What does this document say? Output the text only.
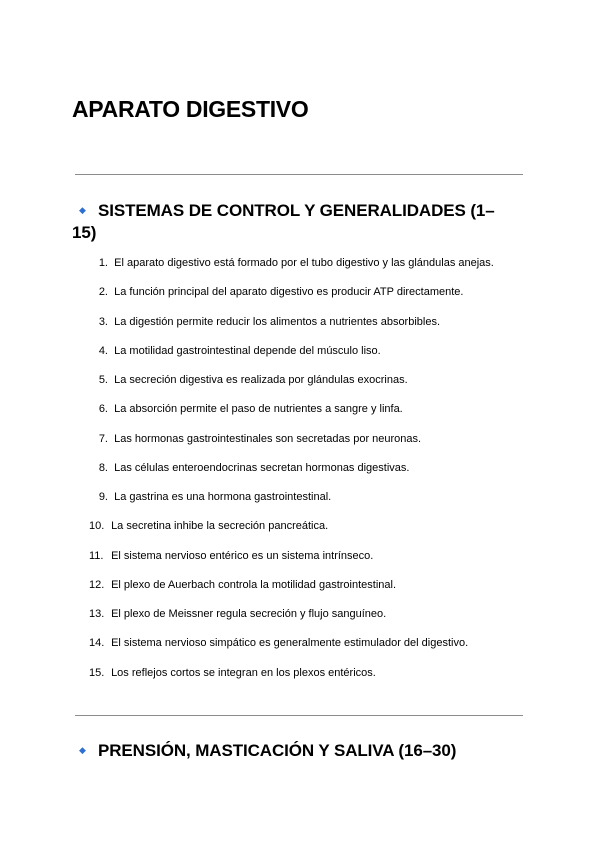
APARATO DIGESTIVO
◆ SISTEMAS DE CONTROL Y GENERALIDADES (1–15)
1.
El aparato digestivo está formado por el tubo digestivo y las glándulas anejas.
2.
La función principal del aparato digestivo es producir ATP directamente.
3.
La digestión permite reducir los alimentos a nutrientes absorbibles.
4.
La motilidad gastrointestinal depende del músculo liso.
5.
La secreción digestiva es realizada por glándulas exocrinas.
6.
La absorción permite el paso de nutrientes a sangre y linfa.
7.
Las hormonas gastrointestinales son secretadas por neuronas.
8.
Las células enteroendocrinas secretan hormonas digestivas.
9.
La gastrina es una hormona gastrointestinal.
10.
La secretina inhibe la secreción pancreática.
11.
El sistema nervioso entérico es un sistema intrínseco.
12.
El plexo de Auerbach controla la motilidad gastrointestinal.
13.
El plexo de Meissner regula secreción y flujo sanguíneo.
14.
El sistema nervioso simpático es generalmente estimulador del digestivo.
15.
Los reflejos cortos se integran en los plexos entéricos.
◆ PRENSIÓN, MASTICACIÓN Y SALIVA (16–30)
